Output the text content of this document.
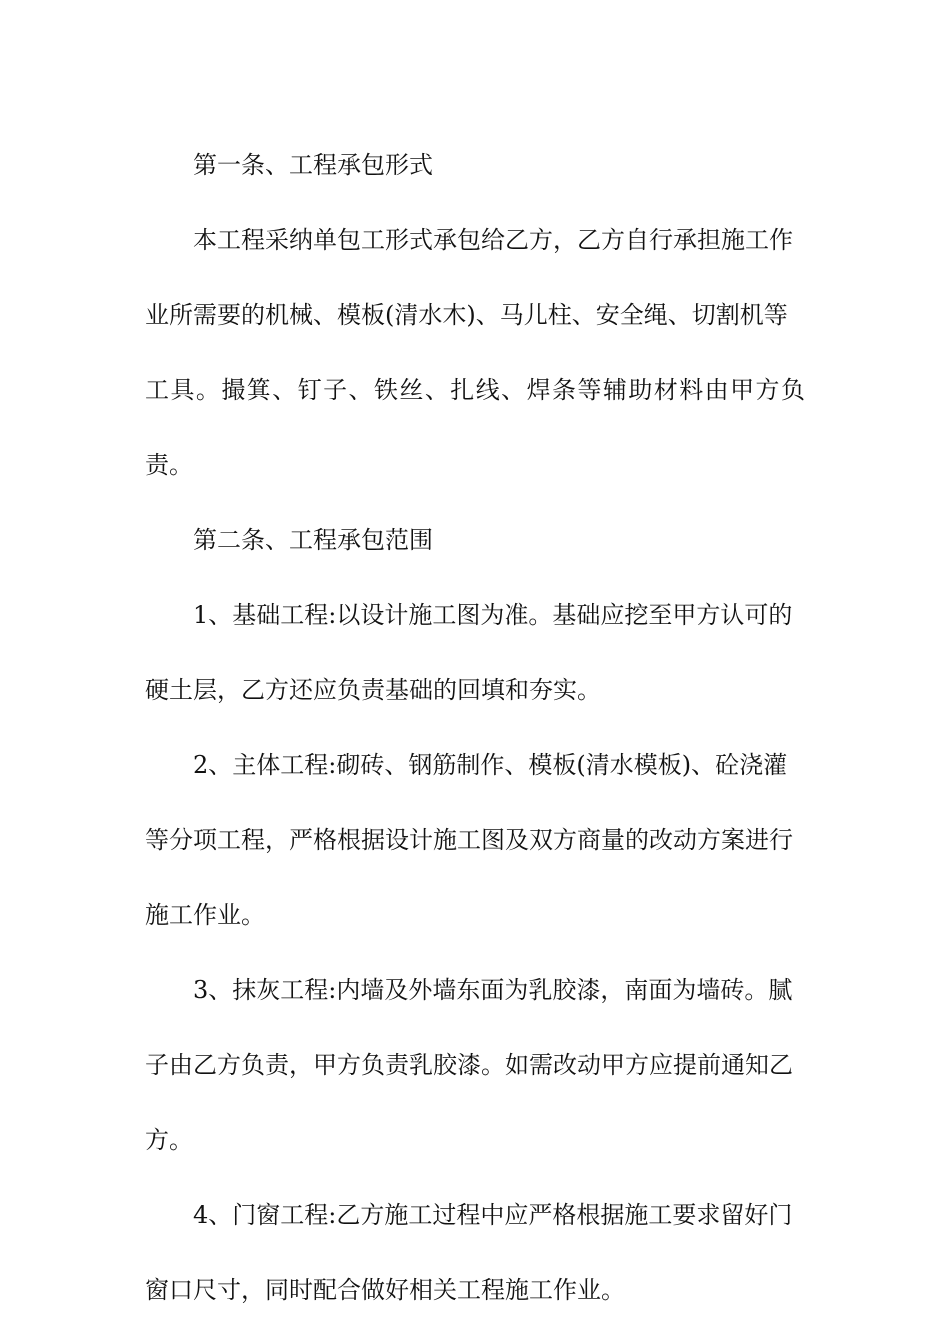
第一条、工程承包形式

本工程采纳单包工形式承包给乙方，乙方自行承担施工作
业所需要的机械、模板(清水木)、马儿柱、安全绳、切割机等
工具。撮箕、钉子、铁丝、扎线、焊条等辅助材料由甲方负责。

第二条、工程承包范围

1、基础工程:以设计施工图为准。基础应挖至甲方认可的
硬土层，乙方还应负责基础的回填和夯实。

2、主体工程:砌砖、钢筋制作、模板(清水模板)、砼浇灌
等分项工程，严格根据设计施工图及双方商量的改动方案进行
施工作业。

3、抹灰工程:内墙及外墙东面为乳胶漆，南面为墙砖。腻
子由乙方负责，甲方负责乳胶漆。如需改动甲方应提前通知乙
方。

4、门窗工程:乙方施工过程中应严格根据施工要求留好门
窗口尺寸，同时配合做好相关工程施工作业。
